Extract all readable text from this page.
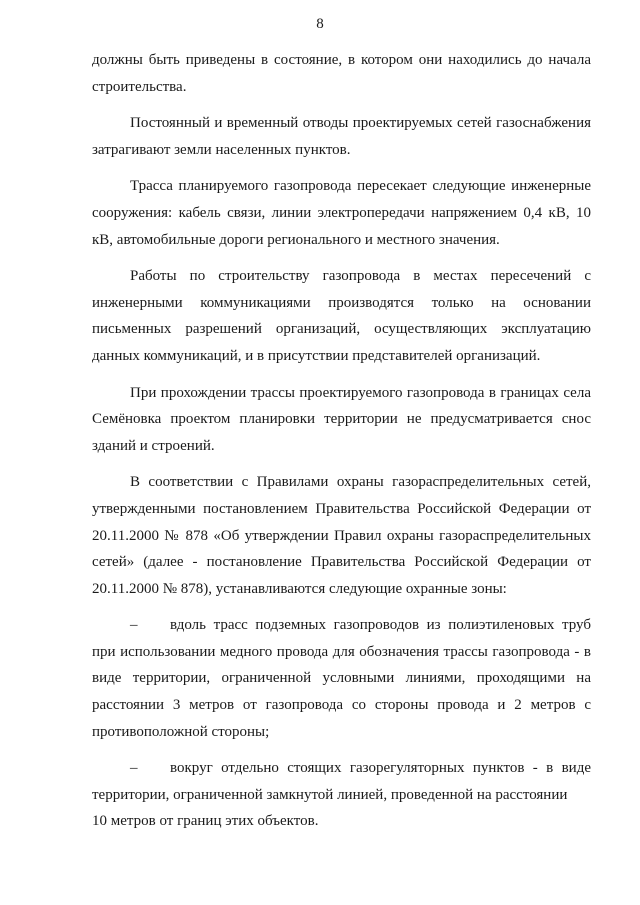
8

должны быть приведены в состояние, в котором они находились до начала строительства.

Постоянный и временный отводы проектируемых сетей газоснабжения затрагивают земли населенных пунктов.

Трасса планируемого газопровода пересекает следующие инженерные сооружения: кабель связи, линии электропередачи напряжением 0,4 кВ, 10 кВ, автомобильные дороги регионального и местного значения.

Работы по строительству газопровода в местах пересечений с инженерными коммуникациями производятся только на основании письменных разрешений организаций, осуществляющих эксплуатацию данных коммуникаций, и в присутствии представителей организаций.

При прохождении трассы проектируемого газопровода в границах села Семёновка проектом планировки территории не предусматривается снос зданий и строений.

В соответствии с Правилами охраны газораспределительных сетей, утвержденными постановлением Правительства Российской Федерации от 20.11.2000 № 878 «Об утверждении Правил охраны газораспределительных сетей» (далее - постановление Правительства Российской Федерации от 20.11.2000 № 878), устанавливаются следующие охранные зоны:

– вдоль трасс подземных газопроводов из полиэтиленовых труб при использовании медного провода для обозначения трассы газопровода - в виде территории, ограниченной условными линиями, проходящими на расстоянии 3 метров от газопровода со стороны провода и 2 метров с противоположной стороны;

– вокруг отдельно стоящих газорегуляторных пунктов - в виде территории, ограниченной замкнутой линией, проведенной на расстоянии

10 метров от границ этих объектов.
